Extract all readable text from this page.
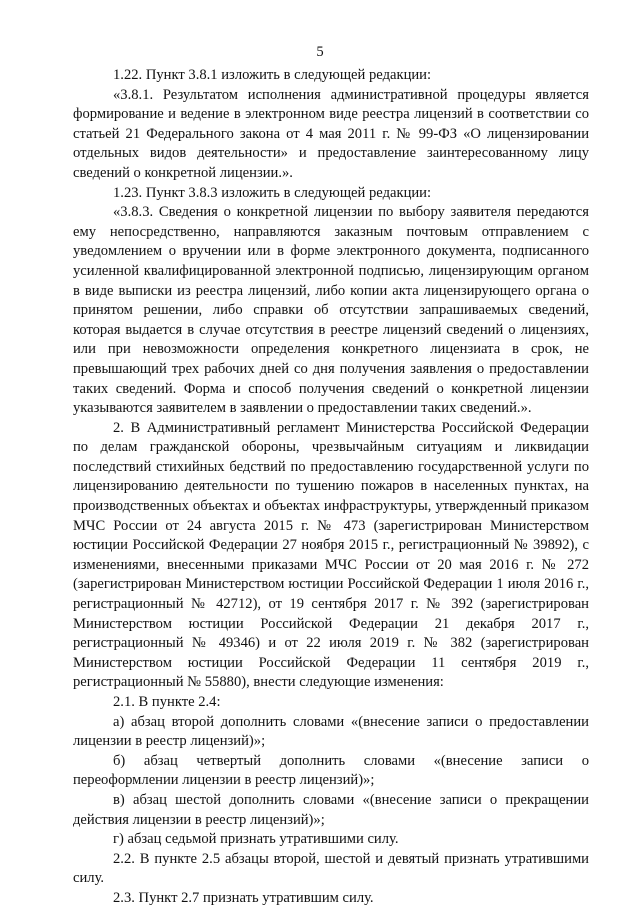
5

1.22. Пункт 3.8.1 изложить в следующей редакции:

«3.8.1. Результатом исполнения административной процедуры является формирование и ведение в электронном виде реестра лицензий в соответствии со статьей 21 Федерального закона от 4 мая 2011 г. № 99-ФЗ «О лицензировании отдельных видов деятельности» и предоставление заинтересованному лицу сведений о конкретной лицензии.».

1.23. Пункт 3.8.3 изложить в следующей редакции:

«3.8.3. Сведения о конкретной лицензии по выбору заявителя передаются ему непосредственно, направляются заказным почтовым отправлением с уведомлением о вручении или в форме электронного документа, подписанного усиленной квалифицированной электронной подписью, лицензирующим органом в виде выписки из реестра лицензий, либо копии акта лицензирующего органа о принятом решении, либо справки об отсутствии запрашиваемых сведений, которая выдается в случае отсутствия в реестре лицензий сведений о лицензиях, или при невозможности определения конкретного лицензиата в срок, не превышающий трех рабочих дней со дня получения заявления о предоставлении таких сведений. Форма и способ получения сведений о конкретной лицензии указываются заявителем в заявлении о предоставлении таких сведений.».

2. В Административный регламент Министерства Российской Федерации по делам гражданской обороны, чрезвычайным ситуациям и ликвидации последствий стихийных бедствий по предоставлению государственной услуги по лицензированию деятельности по тушению пожаров в населенных пунктах, на производственных объектах и объектах инфраструктуры, утвержденный приказом МЧС России от 24 августа 2015 г. № 473 (зарегистрирован Министерством юстиции Российской Федерации 27 ноября 2015 г., регистрационный № 39892), с изменениями, внесенными приказами МЧС России от 20 мая 2016 г. № 272 (зарегистрирован Министерством юстиции Российской Федерации 1 июля 2016 г., регистрационный № 42712), от 19 сентября 2017 г. № 392 (зарегистрирован Министерством юстиции Российской Федерации 21 декабря 2017 г., регистрационный № 49346) и от 22 июля 2019 г. № 382 (зарегистрирован Министерством юстиции Российской Федерации 11 сентября 2019 г., регистрационный № 55880), внести следующие изменения:

2.1. В пункте 2.4:

а) абзац второй дополнить словами «(внесение записи о предоставлении лицензии в реестр лицензий)»;

б) абзац четвертый дополнить словами «(внесение записи о переоформлении лицензии в реестр лицензий)»;

в) абзац шестой дополнить словами «(внесение записи о прекращении действия лицензии в реестр лицензий)»;

г) абзац седьмой признать утратившими силу.

2.2. В пункте 2.5 абзацы второй, шестой и девятый признать утратившими силу.

2.3. Пункт 2.7 признать утратившим силу.
